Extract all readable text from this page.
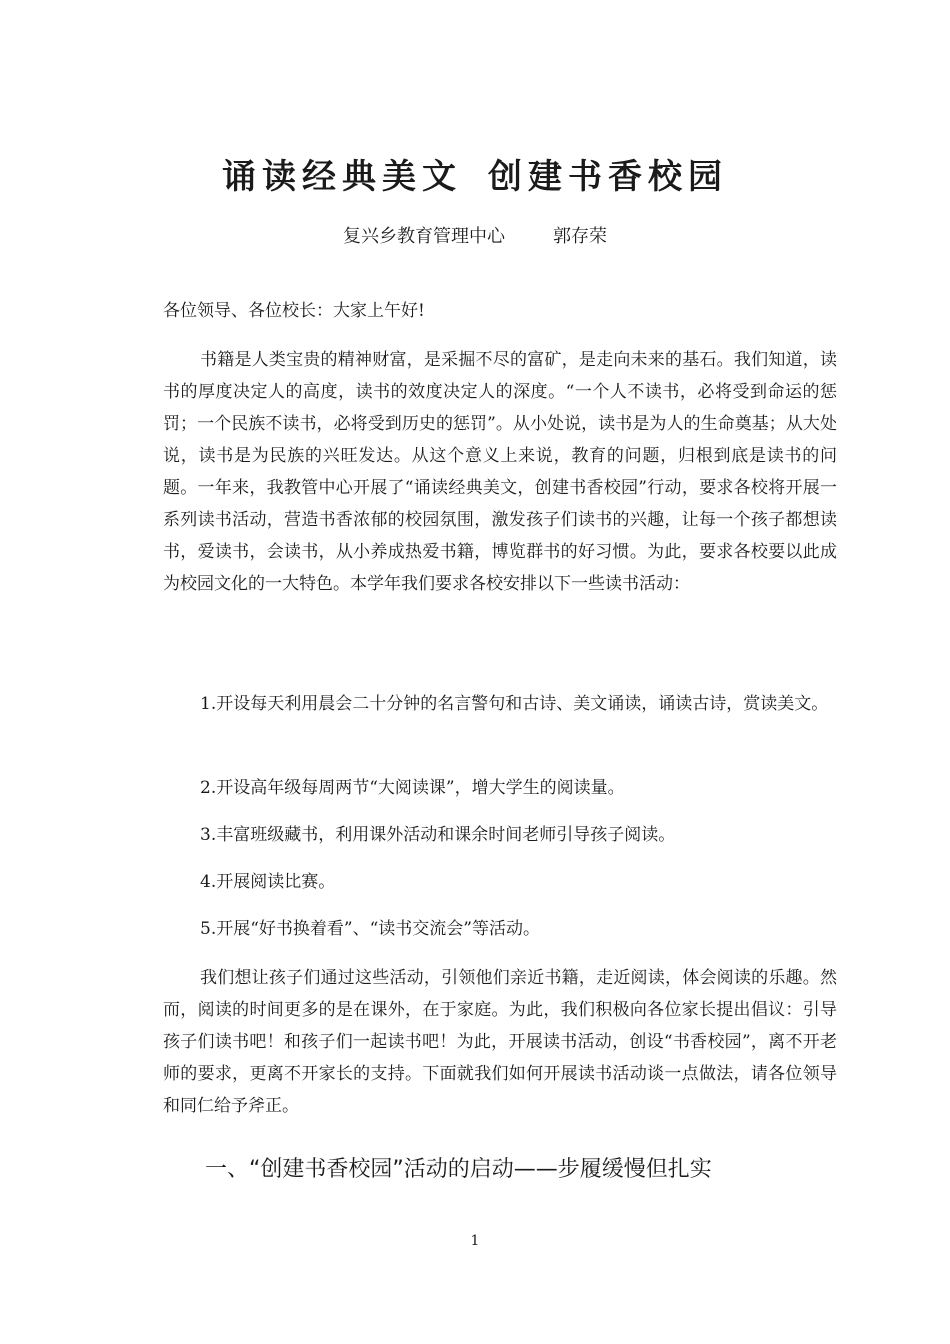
诵读经典美文 创建书香校园
复兴乡教育管理中心	郭存荣

各位领导、各位校长：大家上午好!

书籍是人类宝贵的精神财富，是采掘不尽的富矿，是走向未来的基石。我们知道，读书的厚度决定人的高度，读书的效度决定人的深度。“一个人不读书，必将受到命运的惩罚；一个民族不读书，必将受到历史的惩罚”。从小处说，读书是为人的生命奠基；从大处说，读书是为民族的兴旺发达。从这个意义上来说，教育的问题，归根到底是读书的问题。一年来，我教管中心开展了“诵读经典美文，创建书香校园”行动，要求各校将开展一系列读书活动，营造书香浓郁的校园氛围，激发孩子们读书的兴趣，让每一个孩子都想读书，爱读书，会读书，从小养成热爱书籍，博览群书的好习惯。为此，要求各校要以此成为校园文化的一大特色。本学年我们要求各校安排以下一些读书活动：

1.开设每天利用晨会二十分钟的名言警句和古诗、美文诵读，诵读古诗，赏读美文。

2.开设高年级每周两节“大阅读课”，增大学生的阅读量。

3.丰富班级藏书，利用课外活动和课余时间老师引导孩子阅读。

4.开展阅读比赛。

5.开展“好书换着看”、“读书交流会”等活动。

我们想让孩子们通过这些活动，引领他们亲近书籍，走近阅读，体会阅读的乐趣。然而，阅读的时间更多的是在课外，在于家庭。为此，我们积极向各位家长提出倡议：引导孩子们读书吧！和孩子们一起读书吧！为此，开展读书活动，创设“书香校园”，离不开老师的要求，更离不开家长的支持。下面就我们如何开展读书活动谈一点做法，请各位领导和同仁给予斧正。

一、“创建书香校园”活动的启动——步履缓慢但扎实
1
